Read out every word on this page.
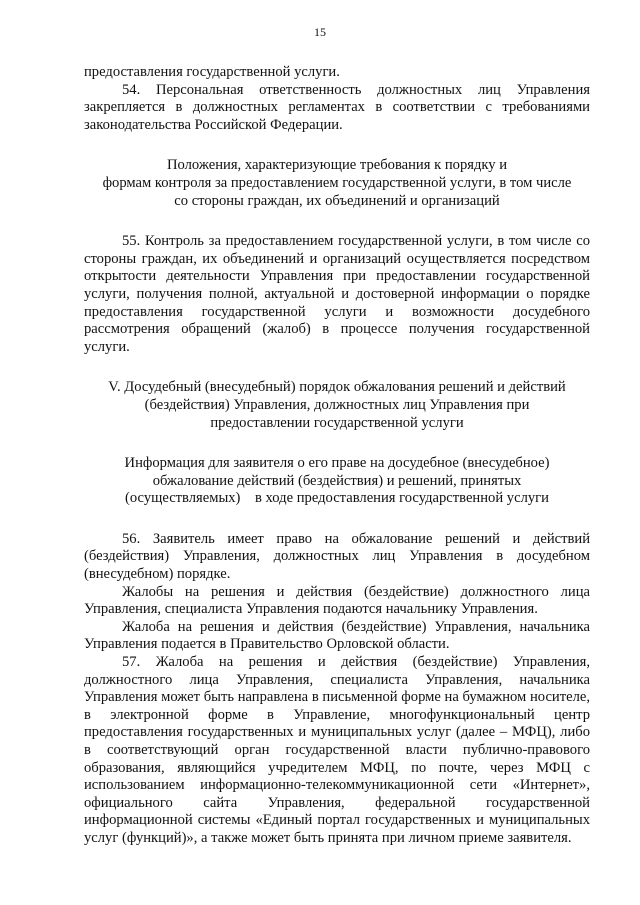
15

предоставления государственной услуги.

54. Персональная ответственность должностных лиц Управления закрепляется в должностных регламентах в соответствии с требованиями законодательства Российской Федерации.

Положения, характеризующие требования к порядку и
формам контроля за предоставлением государственной услуги, в том числе
со стороны граждан, их объединений и организаций

55. Контроль за предоставлением государственной услуги, в том числе со стороны граждан, их объединений и организаций осуществляется посредством открытости деятельности Управления при предоставлении государственной услуги, получения полной, актуальной и достоверной информации о порядке предоставления государственной услуги и возможности досудебного рассмотрения обращений (жалоб) в процессе получения государственной услуги.

V. Досудебный (внесудебный) порядок обжалования решений и действий
(бездействия) Управления, должностных лиц Управления при
предоставлении государственной услуги
Информация для заявителя о его праве на досудебное (внесудебное)
обжалование действий (бездействия) и решений, принятых
(осуществляемых)    в ходе предоставления государственной услуги

56. Заявитель имеет право на обжалование решений и действий (бездействия) Управления, должностных лиц Управления в досудебном (внесудебном) порядке.

Жалобы на решения и действия (бездействие) должностного лица Управления, специалиста Управления подаются начальнику Управления.

Жалоба на решения и действия (бездействие) Управления, начальника Управления подается в Правительство Орловской области.

57. Жалоба на решения и действия (бездействие) Управления, должностного лица Управления, специалиста Управления, начальника Управления может быть направлена в письменной форме на бумажном носителе, в электронной форме в Управление, многофункциональный центр предоставления государственных и муниципальных услуг (далее – МФЦ), либо в соответствующий орган государственной власти публично-правового образования, являющийся учредителем МФЦ, по почте, через МФЦ с использованием информационно-телекоммуникационной сети «Интернет», официального сайта Управления, федеральной государственной информационной системы «Единый портал государственных и муниципальных услуг (функций)», а также может быть принята при личном приеме заявителя.
